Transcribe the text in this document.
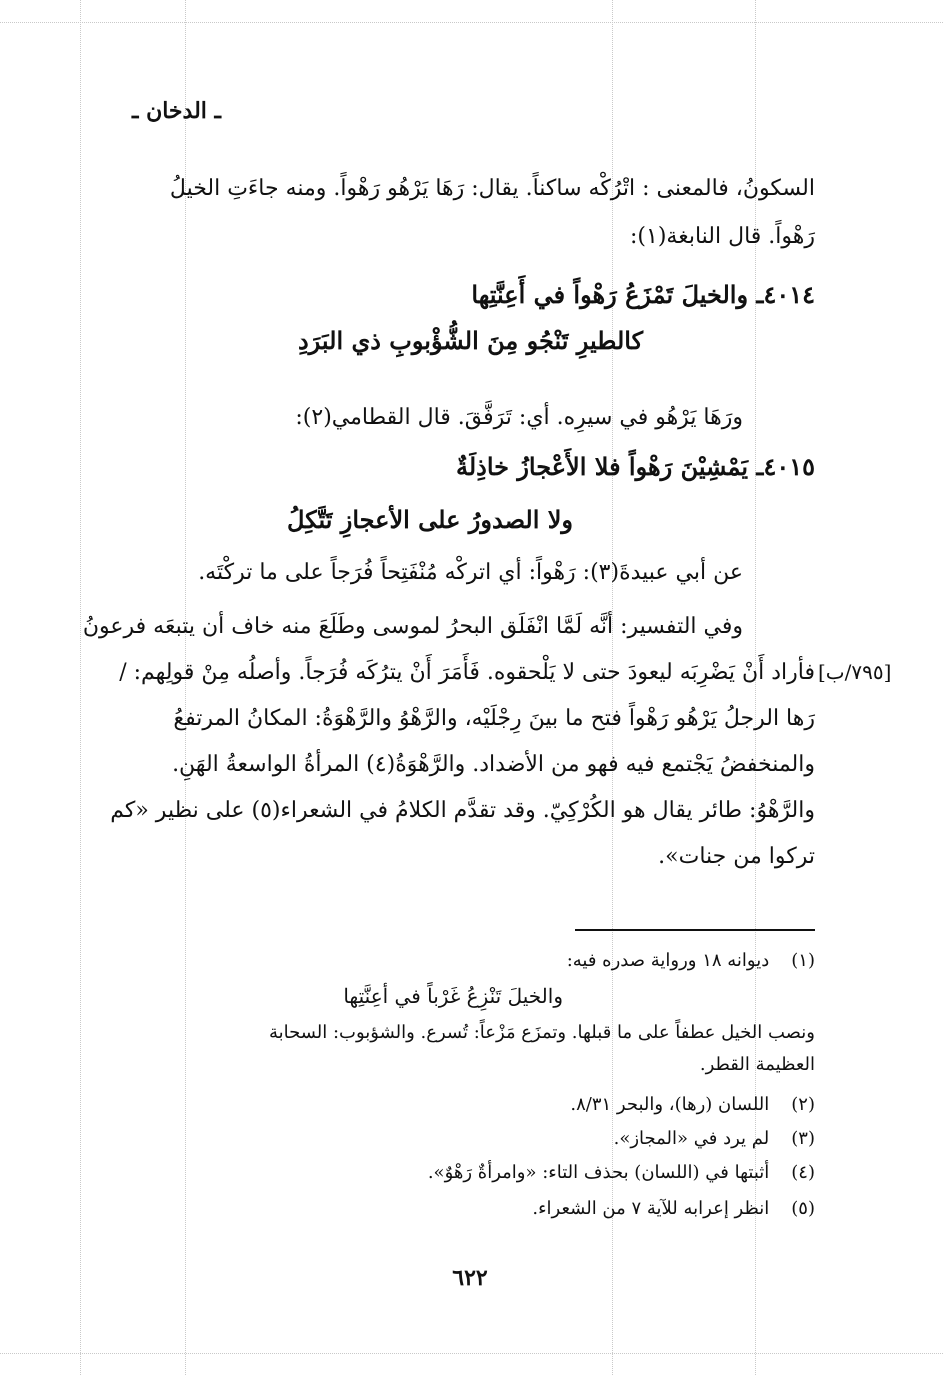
ـ الدخان ـ
السكونُ، فالمعنى : اتْرُكْه ساكناً. يقال: رَهَا يَرْهُو رَهْواً. ومنه جاءَتِ الخيلُ
رَهْواً. قال النابغة(١):
٤٠١٤ـ والخيلَ تَمْزَعُ رَهْواً في أَعِنَّتِها
كالطيرِ تَنْجُو مِنَ الشُّؤْبوبِ ذي البَرَدِ
ورَهَا يَرْهُو في سيرِه. أي: تَرَفَّقَ. قال القطامي(٢):
٤٠١٥ـ يَمْشِيْنَ رَهْواً فلا الأَعْجازُ خاذِلَةٌ
ولا الصدورُ على الأعجازِ تَتَّكِلُ
عن أبي عبيدةَ(٣): رَهْواً: أي اتركْه مُنْفَتِحاً فُرَجاً على ما تركْتَه.
وفي التفسير: أنَّه لَمَّا انْفَلَق البحرُ لموسى وطَلَعَ منه خاف أن يتبعَه فرعونُ
فأراد أَنْ يَضْرِبَه ليعودَ حتى لا يَلْحقوه. فَأَمَرَ أَنْ يترُكَه فُرَجاً. وأصلُه مِنْ قولِهم: /
رَها الرجلُ يَرْهُو رَهْواً فتح ما بينَ رِجْلَيْه، والرَّهْوُ والرَّهْوَةُ: المكانُ المرتفعُ
والمنخفضُ يَجْتمع فيه فهو من الأضداد. والرَّهْوَةُ(٤) المرأةُ الواسعةُ الهَنِ.
والرَّهْوُ: طائر يقال هو الكُرْكِيّ. وقد تقدَّم الكلامُ في الشعراء(٥) على نظير «كم
تركوا من جنات».
[٧٩٥/ب]
(١) ديوانه ١٨ ورواية صدره فيه:
والخيلَ تَنْزِعُ غَرْباً في أعِنَّتِها
ونصب الخيل عطفاً على ما قبلها. وتمزَع مَزْعاً: تُسرع. والشؤبوب: السحابة
العظيمة القطر.
(٢) اللسان (رها)، والبحر ٨/٣١.
(٣) لم يرد في «المجاز».
(٤) أثبتها في (اللسان) بحذف التاء: «وامرأةٌ رَهْوٌ».
(٥) انظر إعرابه للآية ٧ من الشعراء.
٦٢٢
